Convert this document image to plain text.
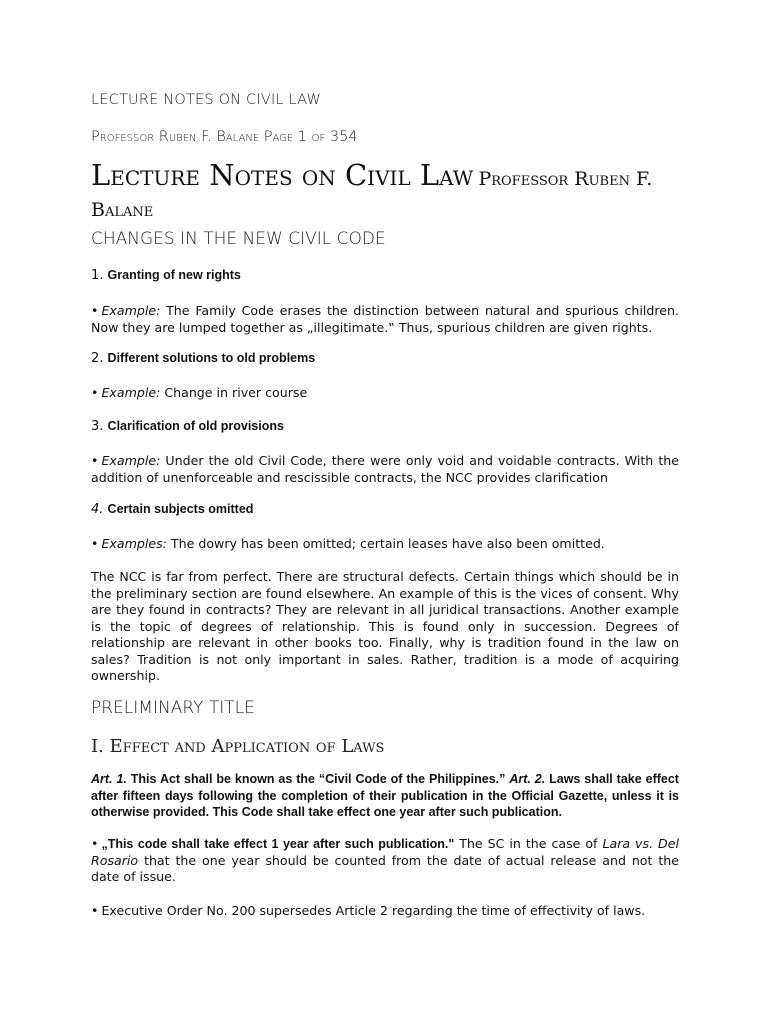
LECTURE NOTES ON CIVIL LAW
Professor Ruben F. Balane Page 1 of 354
Lecture Notes on Civil Law Professor Ruben F.
Balane
CHANGES IN THE NEW CIVIL CODE
1. Granting of new rights
• Example: The Family Code erases the distinction between natural and spurious children. Now they are lumped together as „illegitimate.‟ Thus, spurious children are given rights.
2. Different solutions to old problems
• Example: Change in river course
3. Clarification of old provisions
• Example: Under the old Civil Code, there were only void and voidable contracts. With the addition of unenforceable and rescissible contracts, the NCC provides clarification
4. Certain subjects omitted
• Examples: The dowry has been omitted; certain leases have also been omitted.
The NCC is far from perfect. There are structural defects. Certain things which should be in the preliminary section are found elsewhere. An example of this is the vices of consent. Why are they found in contracts? They are relevant in all juridical transactions. Another example is the topic of degrees of relationship. This is found only in succession. Degrees of relationship are relevant in other books too. Finally, why is tradition found in the law on sales? Tradition is not only important in sales. Rather, tradition is a mode of acquiring ownership.
PRELIMINARY TITLE
I. Effect and Application of Laws
Art. 1. This Act shall be known as the “Civil Code of the Philippines.” Art. 2. Laws shall take effect after fifteen days following the completion of their publication in the Official Gazette, unless it is otherwise provided. This Code shall take effect one year after such publication.
• „This code shall take effect 1 year after such publication." The SC in the case of Lara vs. Del Rosario that the one year should be counted from the date of actual release and not the date of issue.
• Executive Order No. 200 supersedes Article 2 regarding the time of effectivity of laws.
